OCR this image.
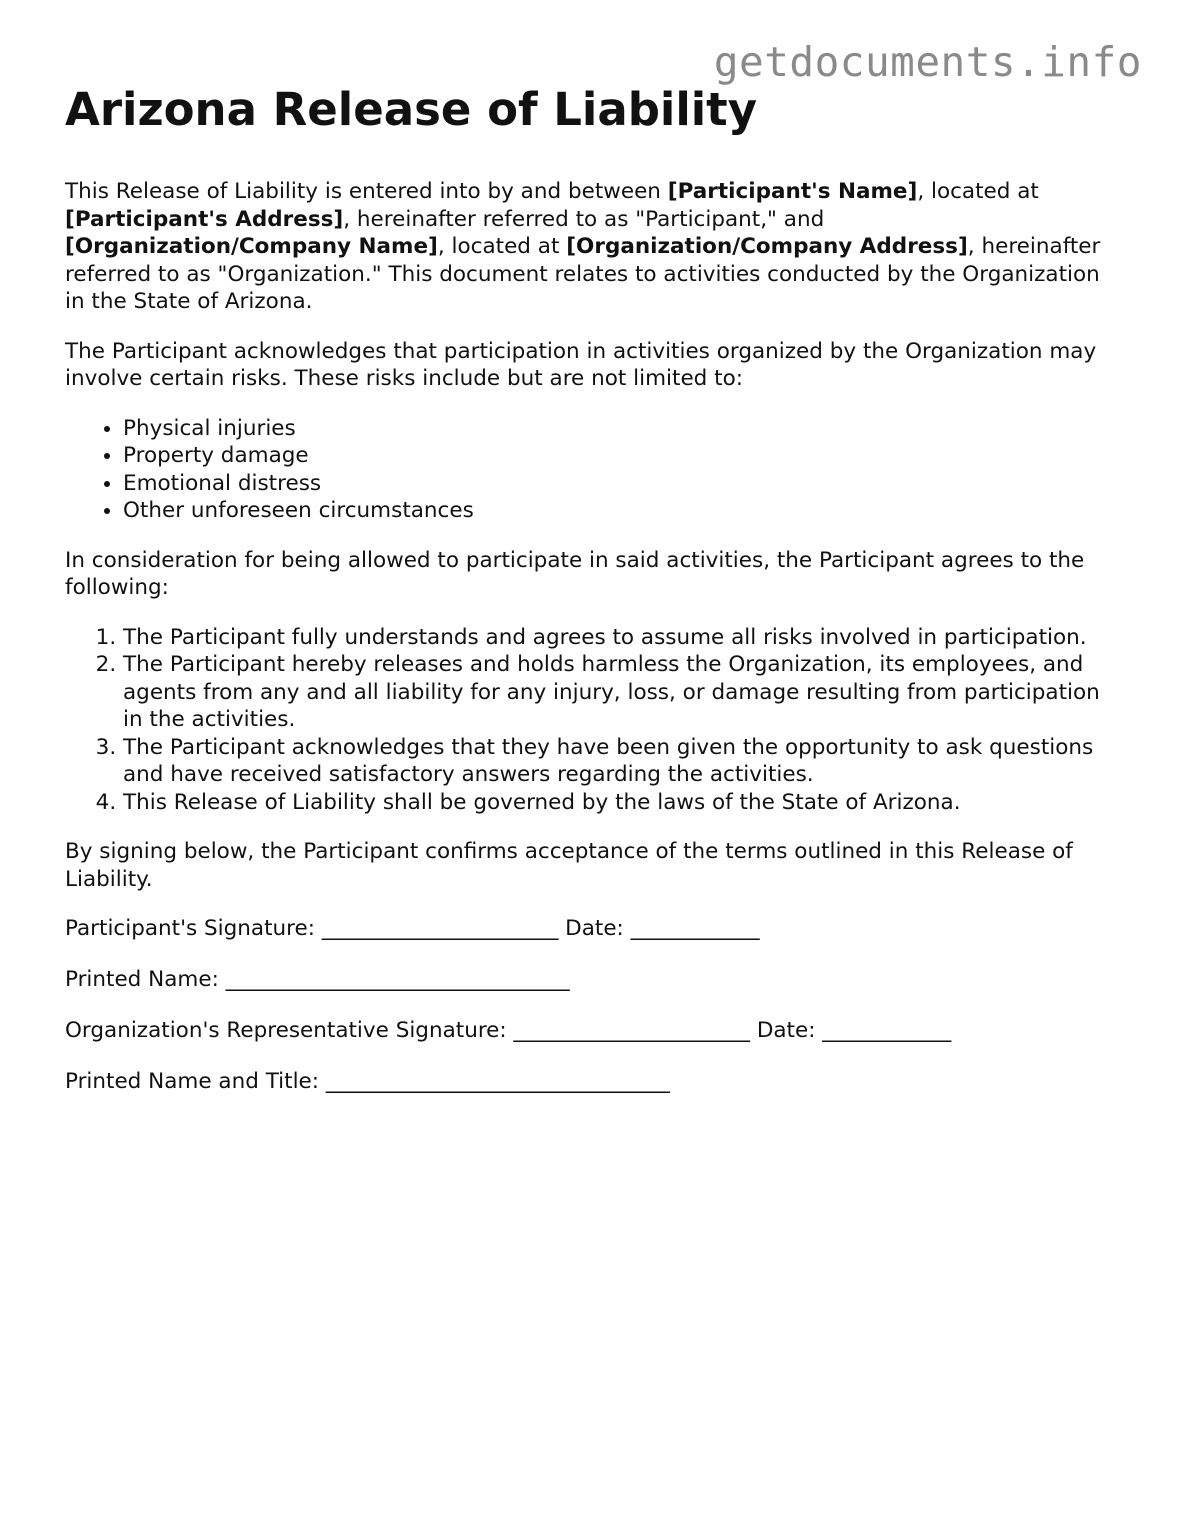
getdocuments.info
Arizona Release of Liability

This Release of Liability is entered into by and between [Participant's Name], located at [Participant's Address], hereinafter referred to as "Participant," and [Organization/Company Name], located at [Organization/Company Address], hereinafter referred to as "Organization." This document relates to activities conducted by the Organization in the State of Arizona.

The Participant acknowledges that participation in activities organized by the Organization may involve certain risks. These risks include but are not limited to:

• Physical injuries
• Property damage
• Emotional distress
• Other unforeseen circumstances

In consideration for being allowed to participate in said activities, the Participant agrees to the following:

1. The Participant fully understands and agrees to assume all risks involved in participation.
2. The Participant hereby releases and holds harmless the Organization, its employees, and agents from any and all liability for any injury, loss, or damage resulting from participation in the activities.
3. The Participant acknowledges that they have been given the opportunity to ask questions and have received satisfactory answers regarding the activities.
4. This Release of Liability shall be governed by the laws of the State of Arizona.

By signing below, the Participant confirms acceptance of the terms outlined in this Release of Liability.

Participant's Signature: ______________________ Date: ____________
Printed Name: ________________________________
Organization's Representative Signature: ______________________ Date: ____________
Printed Name and Title: ________________________________
